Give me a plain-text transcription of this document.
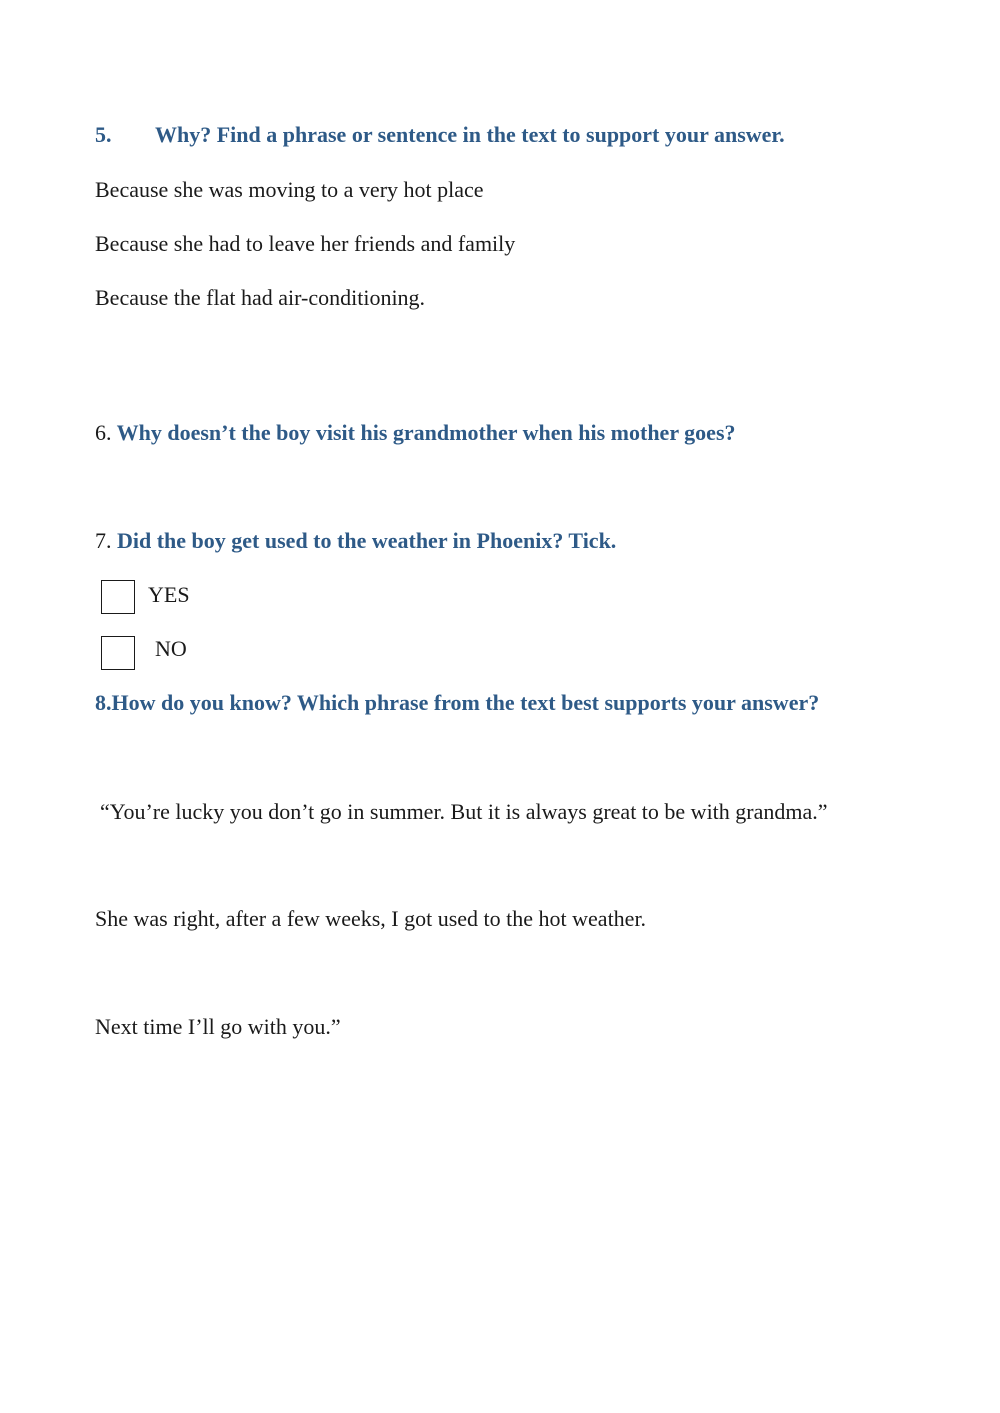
5. Why? Find a phrase or sentence in the text to support your answer.
Because she was moving to a very hot place
Because she had to leave her friends and family
Because the flat had air-conditioning.
6. Why doesn’t the boy visit his grandmother when his mother goes?
7. Did the boy get used to the weather in Phoenix? Tick.
YES
NO
8.How do you know? Which phrase from the text best supports your answer?
“You’re lucky you don’t go in summer. But it is always great to be with grandma.”
She was right, after a few weeks, I got used to the hot weather.
Next time I’ll go with you.”
